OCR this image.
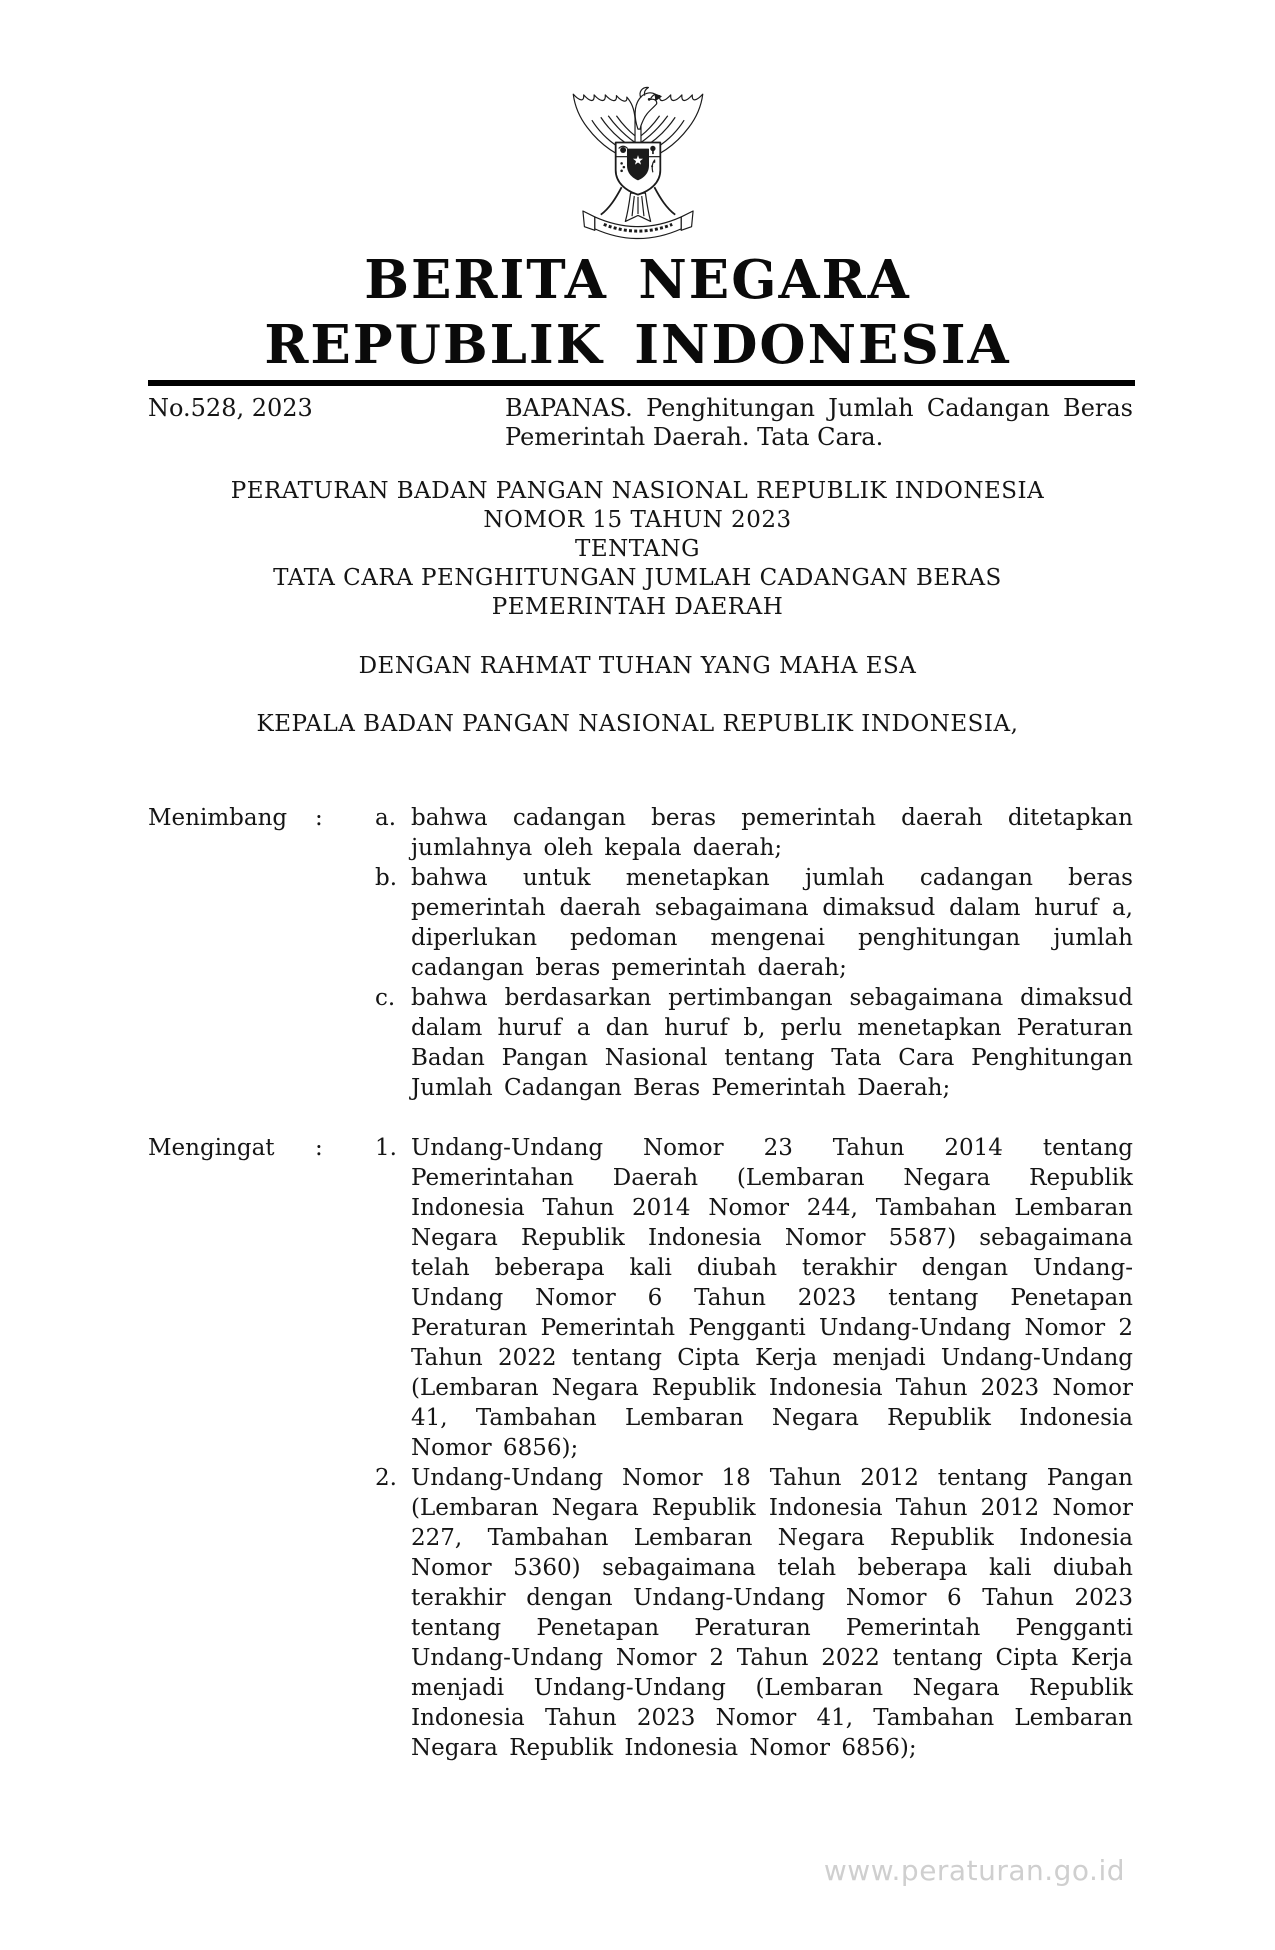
BERITA NEGARA
REPUBLIK INDONESIA
No.528, 2023	BAPANAS. Penghitungan Jumlah Cadangan Beras
Pemerintah Daerah. Tata Cara.
PERATURAN BADAN PANGAN NASIONAL REPUBLIK INDONESIA
NOMOR 15 TAHUN 2023
TENTANG
TATA CARA PENGHITUNGAN JUMLAH CADANGAN BERAS
PEMERINTAH DAERAH
DENGAN RAHMAT TUHAN YANG MAHA ESA
KEPALA BADAN PANGAN NASIONAL REPUBLIK INDONESIA,
Menimbang	:	a. bahwa cadangan beras pemerintah daerah ditetapkan jumlahnya oleh kepala daerah;
b. bahwa untuk menetapkan jumlah cadangan beras pemerintah daerah sebagaimana dimaksud dalam huruf a, diperlukan pedoman mengenai penghitungan jumlah cadangan beras pemerintah daerah;
c. bahwa berdasarkan pertimbangan sebagaimana dimaksud dalam huruf a dan huruf b, perlu menetapkan Peraturan Badan Pangan Nasional tentang Tata Cara Penghitungan Jumlah Cadangan Beras Pemerintah Daerah;
Mengingat	:	1. Undang-Undang Nomor 23 Tahun 2014 tentang Pemerintahan Daerah (Lembaran Negara Republik Indonesia Tahun 2014 Nomor 244, Tambahan Lembaran Negara Republik Indonesia Nomor 5587) sebagaimana telah beberapa kali diubah terakhir dengan Undang-Undang Nomor 6 Tahun 2023 tentang Penetapan Peraturan Pemerintah Pengganti Undang-Undang Nomor 2 Tahun 2022 tentang Cipta Kerja menjadi Undang-Undang (Lembaran Negara Republik Indonesia Tahun 2023 Nomor 41, Tambahan Lembaran Negara Republik Indonesia Nomor 6856);
2. Undang-Undang Nomor 18 Tahun 2012 tentang Pangan (Lembaran Negara Republik Indonesia Tahun 2012 Nomor 227, Tambahan Lembaran Negara Republik Indonesia Nomor 5360) sebagaimana telah beberapa kali diubah terakhir dengan Undang-Undang Nomor 6 Tahun 2023 tentang Penetapan Peraturan Pemerintah Pengganti Undang-Undang Nomor 2 Tahun 2022 tentang Cipta Kerja menjadi Undang-Undang (Lembaran Negara Republik Indonesia Tahun 2023 Nomor 41, Tambahan Lembaran Negara Republik Indonesia Nomor 6856);
www.peraturan.go.id
